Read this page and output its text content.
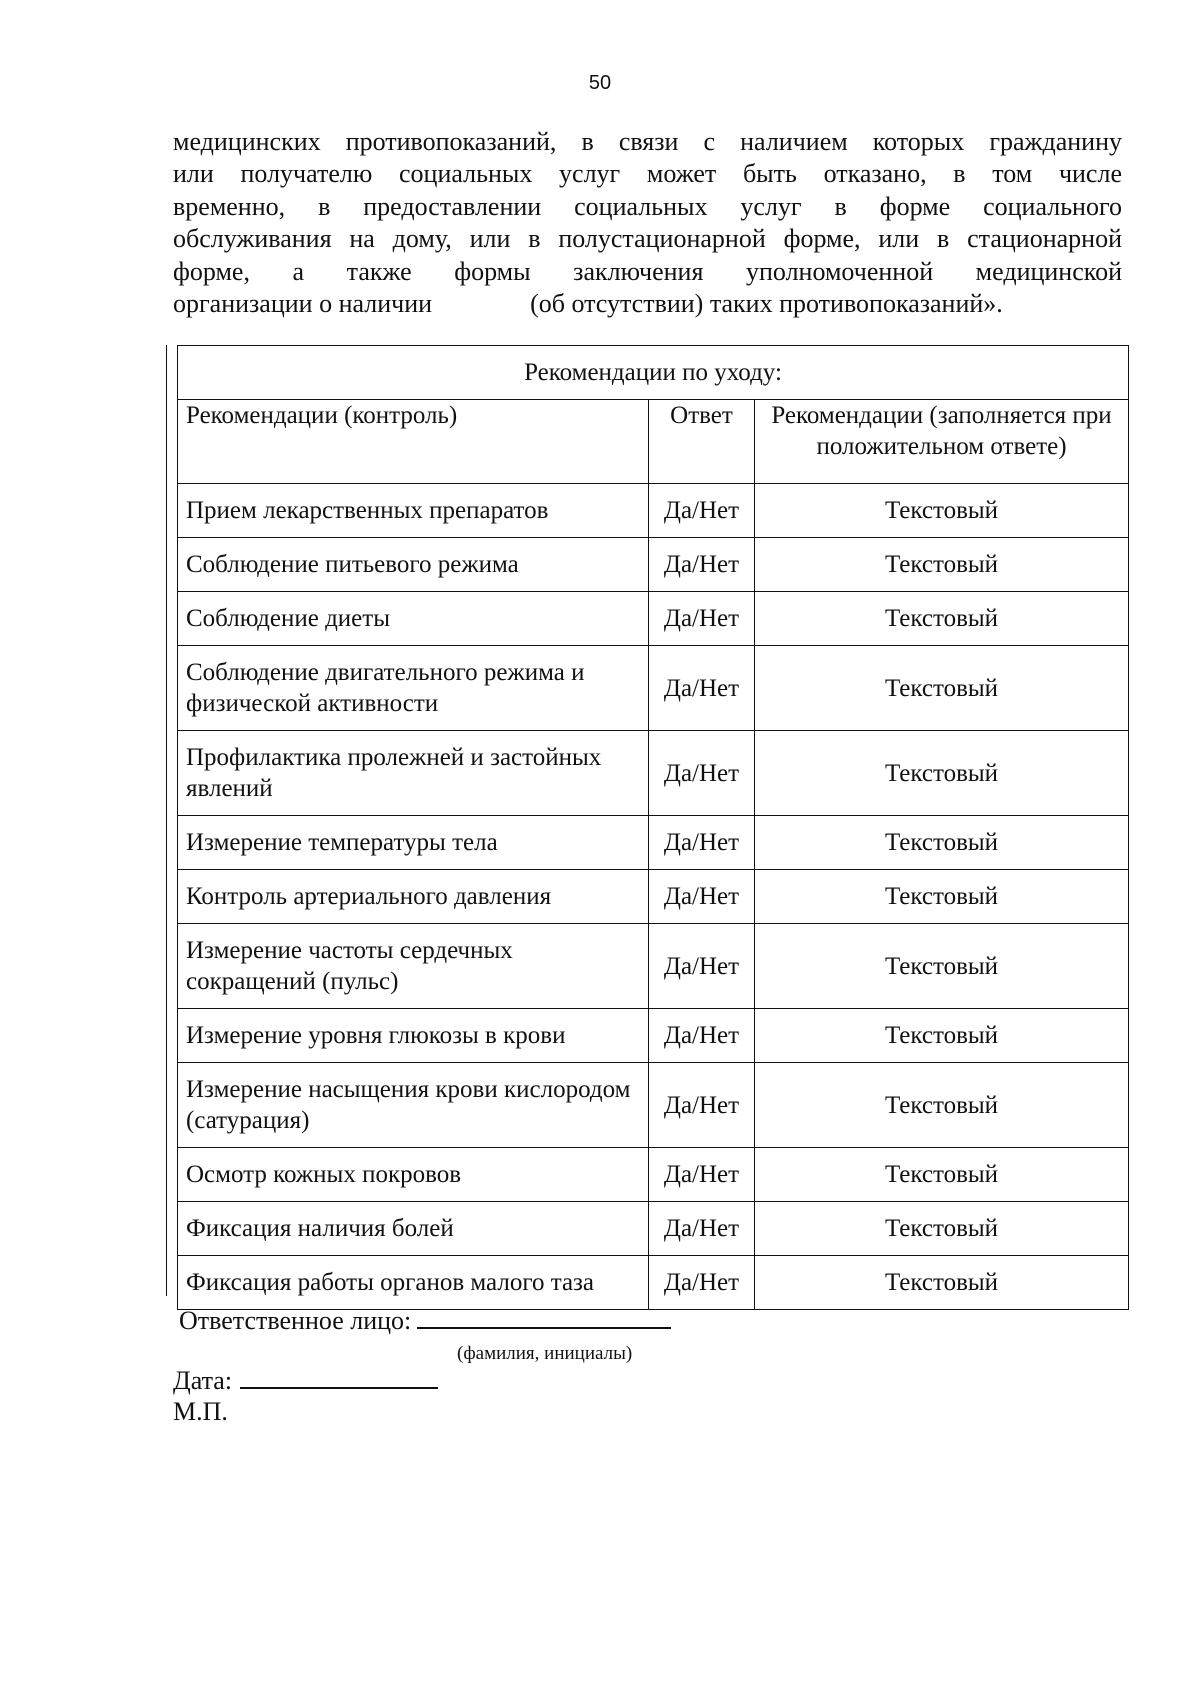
50
медицинских противопоказаний, в связи с наличием которых гражданину
или получателю социальных услуг может быть отказано, в том числе
временно, в предоставлении социальных услуг в форме социального
обслуживания на дому, или в полустационарной форме, или в стационарной
форме, а также формы заключения уполномоченной медицинской
организации о наличии	(об отсутствии) таких противопоказаний».
Рекомендации по уходу:		
Рекомендации (контроль)	Ответ	Рекомендации (заполняется при положительном ответе)
Прием лекарственных препаратов	Да/Нет	Текстовый
Соблюдение питьевого режима	Да/Нет	Текстовый
Соблюдение диеты	Да/Нет	Текстовый
Соблюдение двигательного режима и физической активности	Да/Нет	Текстовый
Профилактика пролежней и застойных явлений	Да/Нет	Текстовый
Измерение температуры тела	Да/Нет	Текстовый
Контроль артериального давления	Да/Нет	Текстовый
Измерение частоты сердечных сокращений (пульс)	Да/Нет	Текстовый
Измерение уровня глюкозы в крови	Да/Нет	Текстовый
Измерение насыщения крови кислородом (сатурация)	Да/Нет	Текстовый
Осмотр кожных покровов	Да/Нет	Текстовый
Фиксация наличия болей	Да/Нет	Текстовый
Фиксация работы органов малого таза	Да/Нет	Текстовый
Ответственное лицо:
(фамилия, инициалы)
Дата:
М.П.
